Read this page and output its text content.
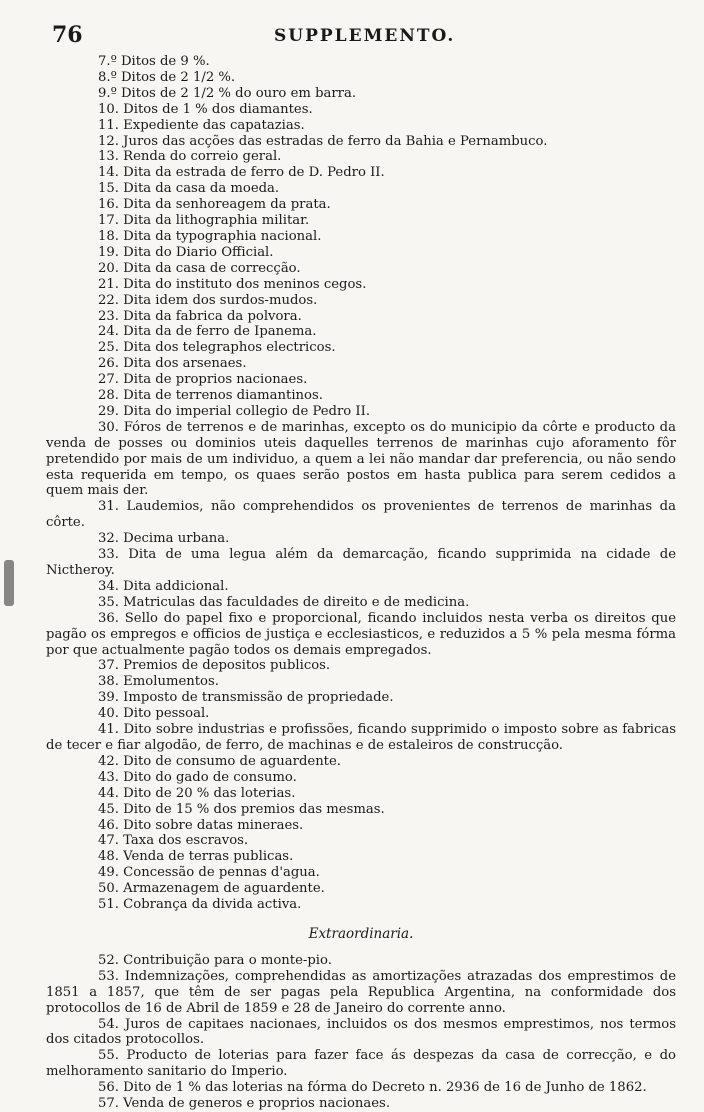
76	SUPPLEMENTO.
7.º Ditos de 9 %.
8.º Ditos de 2 1/2 %.
9.º Ditos de 2 1/2 % do ouro em barra.
10. Ditos de 1 % dos diamantes.
11. Expediente das capatazias.
12. Juros das acções das estradas de ferro da Bahia e Pernambuco.
13. Renda do correio geral.
14. Dita da estrada de ferro de D. Pedro II.
15. Dita da casa da moeda.
16. Dita da senhoreagem da prata.
17. Dita da lithographia militar.
18. Dita da typographia nacional.
19. Dita do Diario Official.
20. Dita da casa de correcção.
21. Dita do instituto dos meninos cegos.
22. Dita idem dos surdos-mudos.
23. Dita da fabrica da polvora.
24. Dita da de ferro de Ipanema.
25. Dita dos telegraphos electricos.
26. Dita dos arsenaes.
27. Dita de proprios nacionaes.
28. Dita de terrenos diamantinos.
29. Dita do imperial collegio de Pedro II.
30. Fóros de terrenos e de marinhas, excepto os do municipio da côrte e producto da venda de posses ou dominios uteis daquelles terrenos de marinhas cujo aforamento fôr pretendido por mais de um individuo, a quem a lei não mandar dar preferencia, ou não sendo esta requerida em tempo, os quaes serão postos em hasta publica para serem cedidos a quem mais der.
31. Laudemios, não comprehendidos os provenientes de terrenos de marinhas da côrte.
32. Decima urbana.
33. Dita de uma legua além da demarcação, ficando supprimida na cidade de Nictheroy.
34. Dita addicional.
35. Matriculas das faculdades de direito e de medicina.
36. Sello do papel fixo e proporcional, ficando incluidos nesta verba os direitos que pagão os empregos e officios de justiça e ecclesiasticos, e reduzidos a 5 % pela mesma fórma por que actualmente pagão todos os demais empregados.
37. Premios de depositos publicos.
38. Emolumentos.
39. Imposto de transmissão de propriedade.
40. Dito pessoal.
41. Dito sobre industrias e profissões, ficando supprimido o imposto sobre as fabricas de tecer e fiar algodão, de ferro, de machinas e de estaleiros de construcção.
42. Dito de consumo de aguardente.
43. Dito do gado de consumo.
44. Dito de 20 % das loterias.
45. Dito de 15 % dos premios das mesmas.
46. Dito sobre datas mineraes.
47. Taxa dos escravos.
48. Venda de terras publicas.
49. Concessão de pennas d'agua.
50. Armazenagem de aguardente.
51. Cobrança da divida activa.
Extraordinaria.
52. Contribuição para o monte-pio.
53. Indemnizações, comprehendidas as amortizações atrazadas dos emprestimos de 1851 a 1857, que têm de ser pagas pela Republica Argentina, na conformidade dos protocollos de 16 de Abril de 1859 e 28 de Janeiro do corrente anno.
54. Juros de capitaes nacionaes, incluidos os dos mesmos emprestimos, nos termos dos citados protocollos.
55. Producto de loterias para fazer face ás despezas da casa de correcção, e do melhoramento sanitario do Imperio.
56. Dito de 1 % das loterias na fórma do Decreto n. 2936 de 16 de Junho de 1862.
57. Venda de generos e proprios nacionaes.
